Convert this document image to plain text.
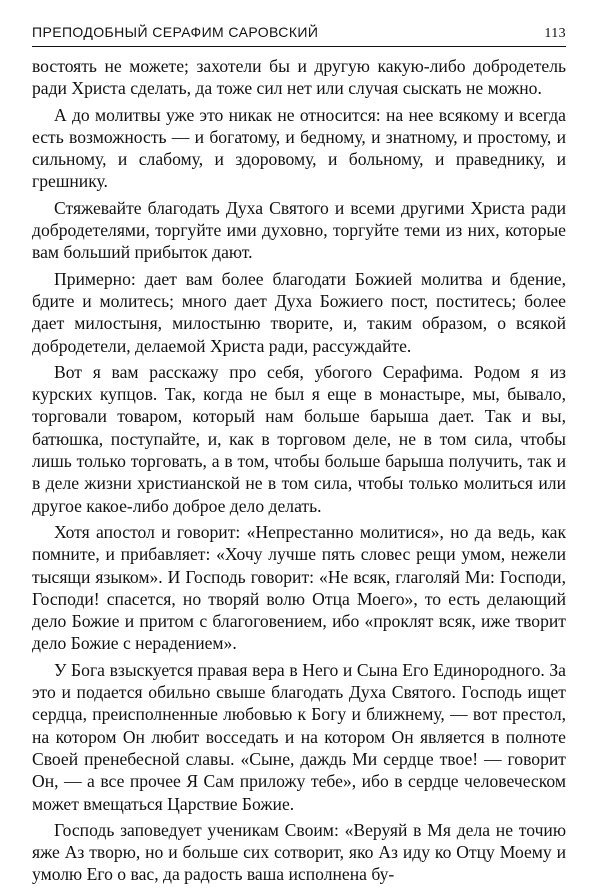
ПРЕПОДОБНЫЙ СЕРАФИМ САРОВСКИЙ	113

востоять не можете; захотели бы и другую какую-либо добродетель ради Христа сделать, да тоже сил нет или случая сыскать не можно.

А до молитвы уже это никак не относится: на нее всякому и всегда есть возможность — и богатому, и бедному, и знатному, и простому, и сильному, и слабому, и здоровому, и больному, и праведнику, и грешнику.

Стяжевайте благодать Духа Святого и всеми другими Христа ради добродетелями, торгуйте ими духовно, торгуйте теми из них, которые вам больший прибыток дают.

Примерно: дает вам более благодати Божией молитва и бдение, бдите и молитесь; много дает Духа Божиего пост, поститесь; более дает милостыня, милостыню творите, и, таким образом, о всякой добродетели, делаемой Христа ради, рассуждайте.

Вот я вам расскажу про себя, убогого Серафима. Родом я из курских купцов. Так, когда не был я еще в монастыре, мы, бывало, торговали товаром, который нам больше барыша дает. Так и вы, батюшка, поступайте, и, как в торговом деле, не в том сила, чтобы лишь только торговать, а в том, чтобы больше барыша получить, так и в деле жизни христианской не в том сила, чтобы только молиться или другое какое-либо доброе дело делать.

Хотя апостол и говорит: «Непрестанно молитися», но да ведь, как помните, и прибавляет: «Хочу лучше пять словес рещи умом, нежели тысящи языком». И Господь говорит: «Не всяк, глаголяй Ми: Господи, Господи! спасется, но творяй волю Отца Моего», то есть делающий дело Божие и притом с благоговением, ибо «проклят всяк, иже творит дело Божие с нерадением».

У Бога взыскуется правая вера в Него и Сына Его Единородного. За это и подается обильно свыше благодать Духа Святого. Господь ищет сердца, преисполненные любовью к Богу и ближнему, — вот престол, на котором Он любит восседать и на котором Он является в полноте Своей пренебесной славы. «Сыне, даждь Ми сердце твое! — говорит Он, — а все прочее Я Сам приложу тебе», ибо в сердце человеческом может вмещаться Царствие Божие.

Господь заповедует ученикам Своим: «Веруяй в Мя дела не точию яже Аз творю, но и больше сих сотворит, яко Аз иду ко Отцу Моему и умолю Его о вас, да радость ваша исполнена бу-
